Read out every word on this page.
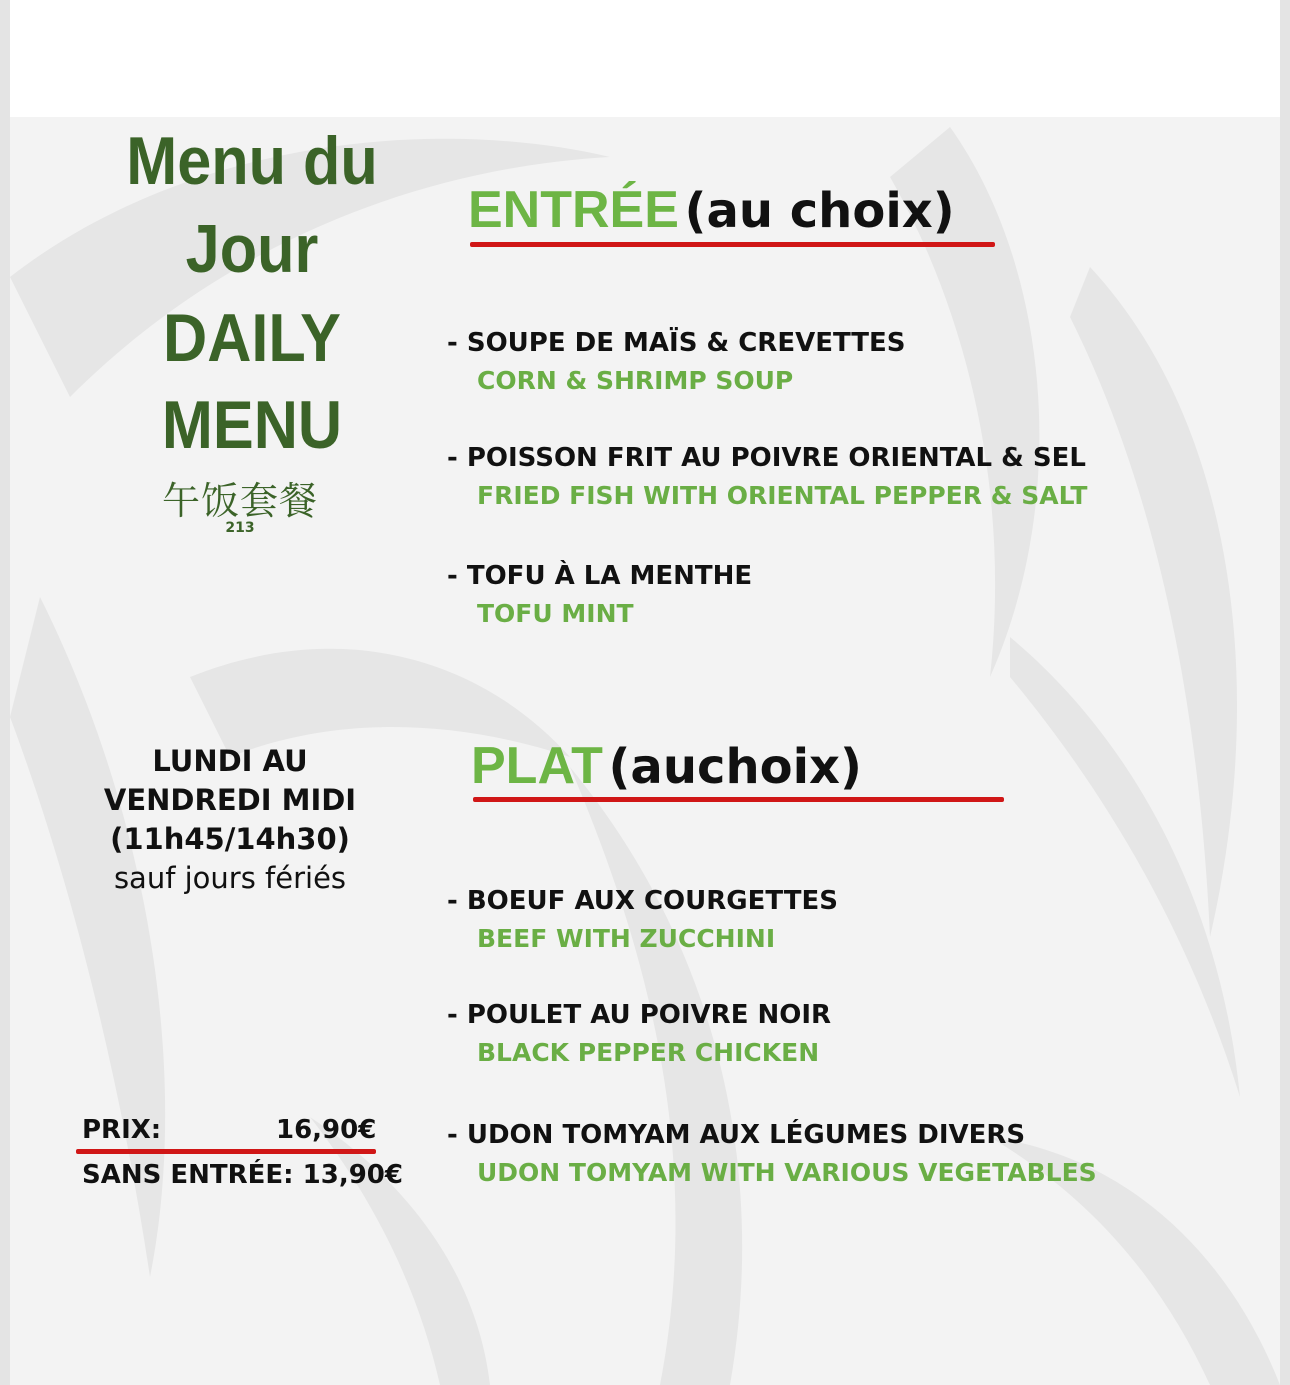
Menu du
Jour
DAILY
MENU
午饭套餐
213
LUNDI AU
VENDREDI MIDI
(11h45/14h30)
sauf jours fériés
PRIX:	16,90€
SANS ENTRÉE: 13,90€
ENTRÉE (au choix)
- SOUPE DE MAÏS & CREVETTES
CORN & SHRIMP SOUP
- POISSON FRIT AU POIVRE ORIENTAL & SEL
FRIED FISH WITH ORIENTAL PEPPER & SALT
- TOFU À LA MENTHE
TOFU MINT
PLAT (auchoix)
- BOEUF AUX COURGETTES
BEEF WITH ZUCCHINI
- POULET AU POIVRE NOIR
BLACK PEPPER CHICKEN
- UDON TOMYAM AUX LÉGUMES DIVERS
UDON TOMYAM WITH VARIOUS VEGETABLES
